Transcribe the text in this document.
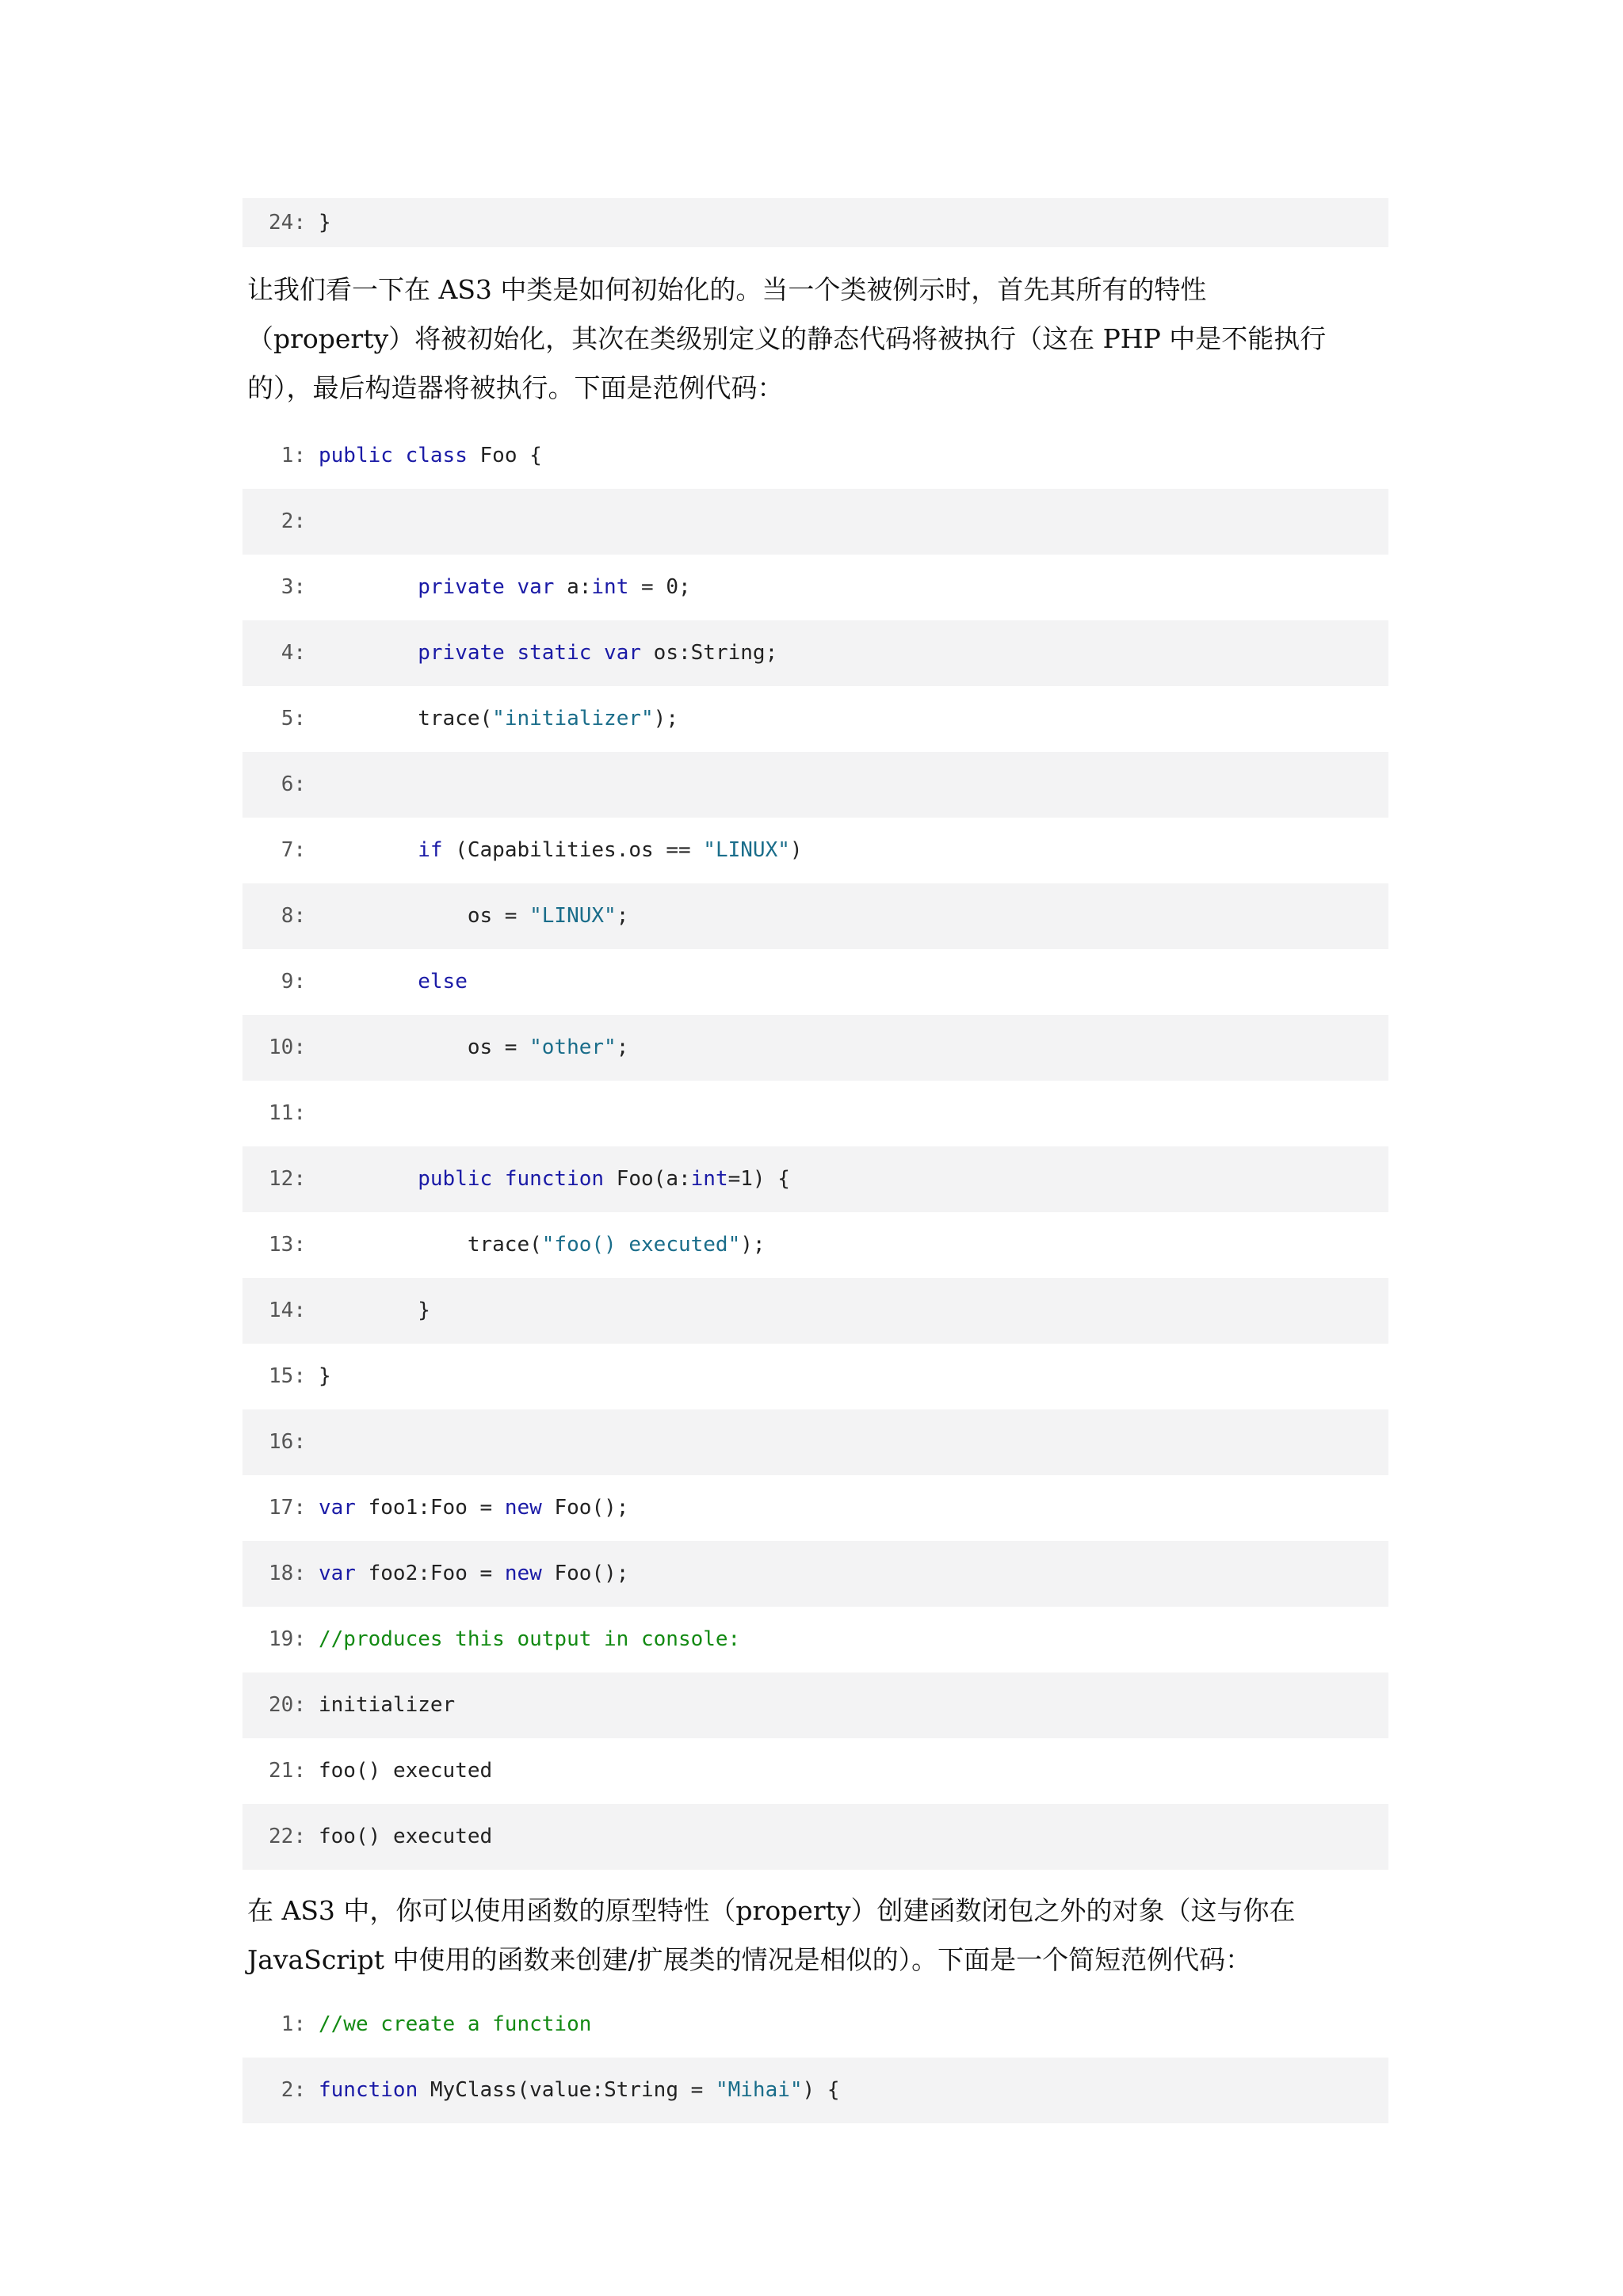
24: }
让我们看一下在 AS3 中类是如何初始化的。当一个类被例示时，首先其所有的特性
（property）将被初始化，其次在类级别定义的静态代码将被执行（这在 PHP 中是不能执行
的），最后构造器将被执行。下面是范例代码：
1: public class Foo {
2:
3:	private var a:int = 0;
4:	private static var os:String;
5:	trace("initializer");
6:
7:	if (Capabilities.os == "LINUX")
8:	os = "LINUX";
9:	else
10:	os = "other";
11:
12:	public function Foo(a:int=1) {
13:	trace("foo() executed");
14:        }
15: }
16:
17: var foo1:Foo = new Foo();
18: var foo2:Foo = new Foo();
19: //produces this output in console:
20: initializer
21: foo() executed
22: foo() executed
在 AS3 中，你可以使用函数的原型特性（property）创建函数闭包之外的对象（这与你在
JavaScript 中使用的函数来创建/扩展类的情况是相似的）。下面是一个简短范例代码：
1: //we create a function
2: function MyClass(value:String = "Mihai") {
